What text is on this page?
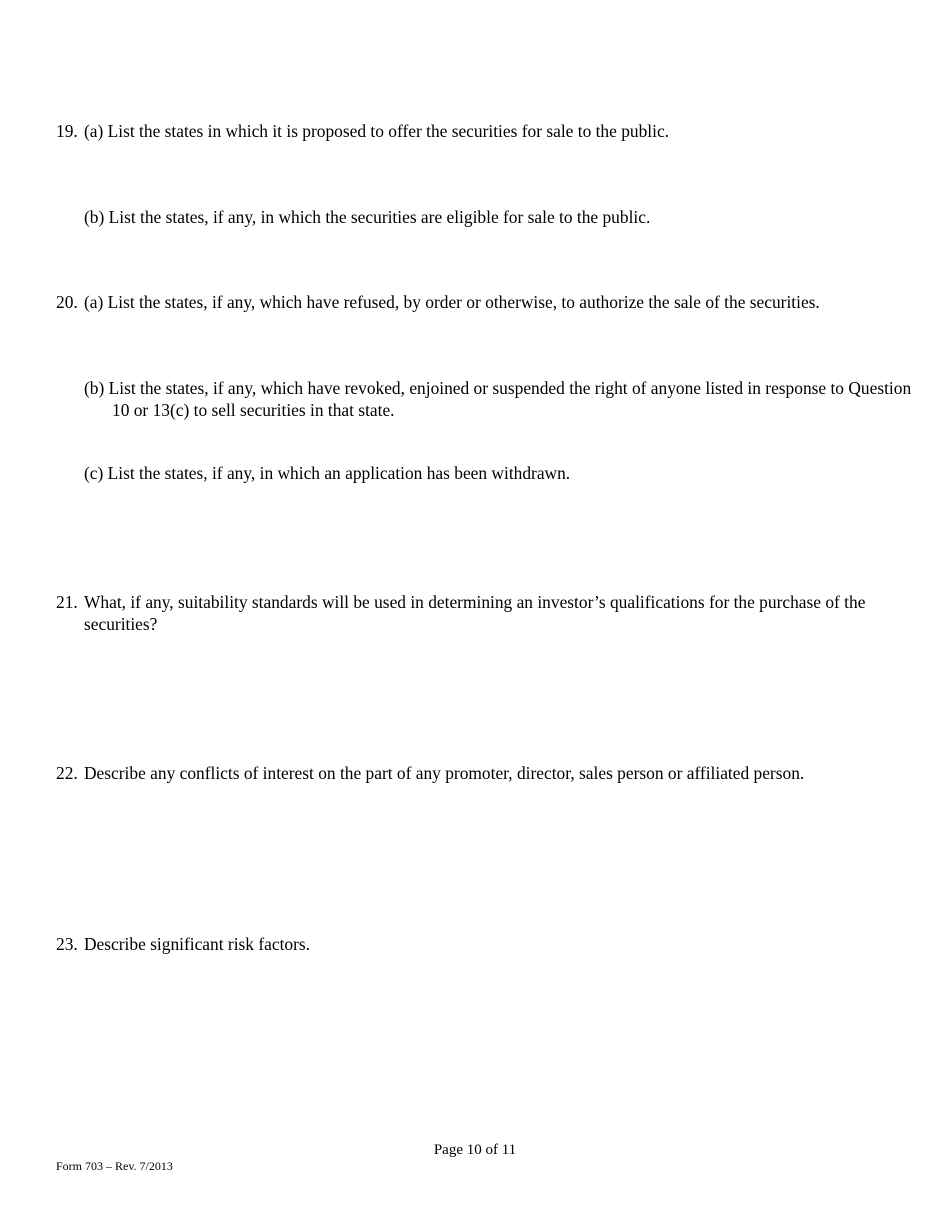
19. (a) List the states in which it is proposed to offer the securities for sale to the public.

(b) List the states, if any, in which the securities are eligible for sale to the public.

20. (a) List the states, if any, which have refused, by order or otherwise, to authorize the sale of the securities.

(b) List the states, if any, which have revoked, enjoined or suspended the right of anyone listed in response to Question 10 or 13(c) to sell securities in that state.

(c) List the states, if any, in which an application has been withdrawn.

21. What, if any, suitability standards will be used in determining an investor’s qualifications for the purchase of the securities?
22. Describe any conflicts of interest on the part of any promoter, director, sales person or affiliated person.
23. Describe significant risk factors.
Page 10 of 11
Form 703 – Rev. 7/2013
